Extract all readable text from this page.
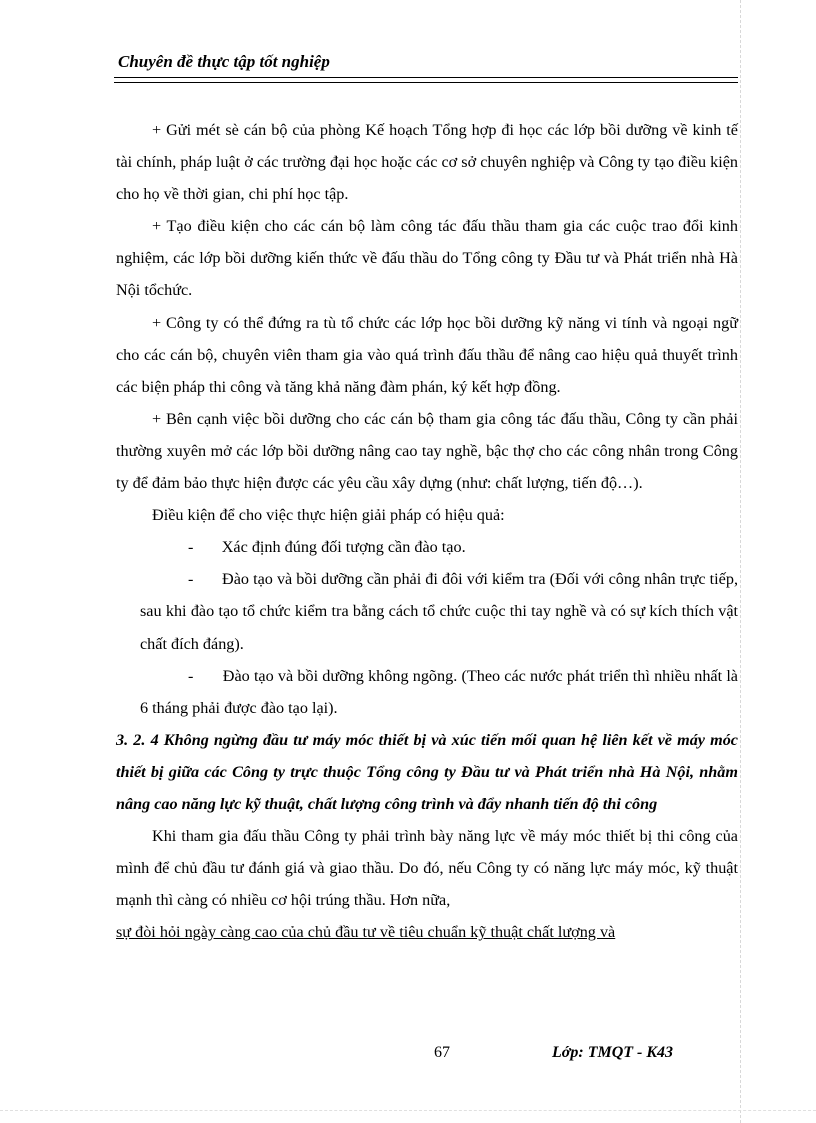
Chuyên đề thực tập tốt nghiệp

+ Gửi mét sè cán bộ của phòng Kế hoạch Tổng hợp đi học các lớp bồi dưỡng về kinh tế tài chính, pháp luật ở các trường đại học hoặc các cơ sở chuyên nghiệp và Công ty tạo điều kiện cho họ về thời gian, chi phí học tập.

+ Tạo điều kiện cho các cán bộ làm công tác đấu thầu tham gia các cuộc trao đổi kinh nghiệm, các lớp bồi dưỡng kiến thức về đấu thầu do Tổng công ty Đầu tư và Phát triển nhà Hà Nội tổchức.

+ Công ty có thể đứng ra tù tổ chức các lớp học bồi dưỡng kỹ năng vi tính và ngoại ngữ cho các cán bộ, chuyên viên tham gia vào quá trình đấu thầu để nâng cao hiệu quả thuyết trình các biện pháp thi công và tăng khả năng đàm phán, ký kết hợp đồng.

+ Bên cạnh việc bồi dưỡng cho các cán bộ tham gia công tác đấu thầu, Công ty cần phải thường xuyên mở các lớp bồi dưỡng nâng cao tay nghề, bậc thợ cho các công nhân trong Công ty để đảm bảo thực hiện được các yêu cầu xây dựng (như: chất lượng, tiến độ…).

Điều kiện để cho việc thực hiện giải pháp có hiệu quả:

-       Xác định đúng đối tượng cần đào tạo.

-       Đào tạo và bồi dưỡng cần phải đi đôi với kiểm tra (Đối với công nhân trực tiếp, sau khi đào tạo tổ chức kiểm tra bằng cách tổ chức cuộc thi tay nghề và có sự kích thích vật chất đích đáng).

-       Đào tạo và bồi dưỡng không ngõng. (Theo các nước phát triển thì nhiều nhất là 6 tháng phải được đào tạo lại).

3. 2. 4 Không ngừng đầu tư máy móc thiết bị và xúc tiến mối quan hệ liên kết về máy móc thiết bị giữa các Công ty trực thuộc Tổng công ty Đầu tư và Phát triển nhà Hà Nội, nhằm nâng cao năng lực kỹ thuật, chất lượng công trình và đẩy nhanh tiến độ thi công

Khi tham gia đấu thầu Công ty phải trình bày năng lực về máy móc thiết bị thi công của mình để chủ đầu tư đánh giá và giao thầu. Do đó, nếu Công ty có năng lực máy móc, kỹ thuật mạnh thì càng có nhiều cơ hội trúng thầu. Hơn nữa,

sự đòi hỏi ngày càng cao của chủ đầu tư về tiêu chuẩn kỹ thuật chất lượng và

67	Lớp: TMQT - K43
